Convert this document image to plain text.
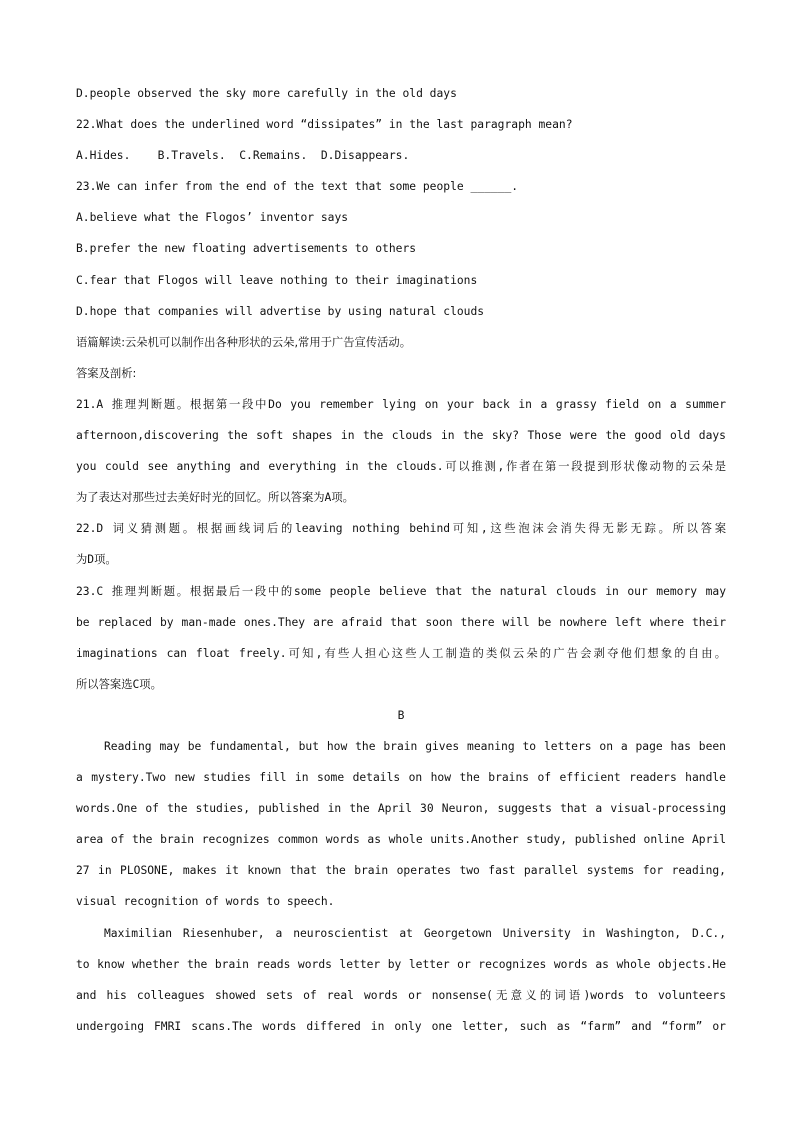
D.people observed the sky more carefully in the old days
22.What does the underlined word “dissipates” in the last paragraph mean?
A.Hides.    B.Travels.  C.Remains.  D.Disappears.
23.We can infer from the end of the text that some people ______.
A.believe what the Flogos’ inventor says
B.prefer the new floating advertisements to others
C.fear that Flogos will leave nothing to their imaginations
D.hope that companies will advertise by using natural clouds
语篇解读:云朵机可以制作出各种形状的云朵,常用于广告宣传活动。
答案及剖析:
21.A 推理判断题。根据第一段中Do you remember lying on your back in a grassy field on a summer
afternoon,discovering the soft shapes in the clouds in the sky? Those were the good old days
you could see anything and everything in the clouds.可以推测,作者在第一段提到形状像动物的云朵是
为了表达对那些过去美好时光的回忆。所以答案为A项。
22.D 词义猜测题。根据画线词后的leaving nothing behind可知,这些泡沫会消失得无影无踪。所以答案
为D项。
23.C 推理判断题。根据最后一段中的some people believe that the natural clouds in our memory may
be replaced by man-made ones.They are afraid that soon there will be nowhere left where their
imaginations can float freely.可知,有些人担心这些人工制造的类似云朵的广告会剥夺他们想象的自由。
所以答案选C项。
B
Reading may be fundamental, but how the brain gives meaning to letters on a page has been
a mystery.Two new studies fill in some details on how the brains of efficient readers handle
words.One of the studies, published in the April 30 Neuron, suggests that a visual-processing
area of the brain recognizes common words as whole units.Another study, published online April
27 in PLOSONE, makes it known that the brain operates two fast parallel systems for reading,
visual recognition of words to speech.
Maximilian Riesenhuber, a neuroscientist at Georgetown University in Washington, D.C.,
to know whether the brain reads words letter by letter or recognizes words as whole objects.He
and his colleagues showed sets of real words or nonsense(无意义的词语)words to volunteers
undergoing FMRI scans.The words differed in only one letter, such as “farm” and “form” or
